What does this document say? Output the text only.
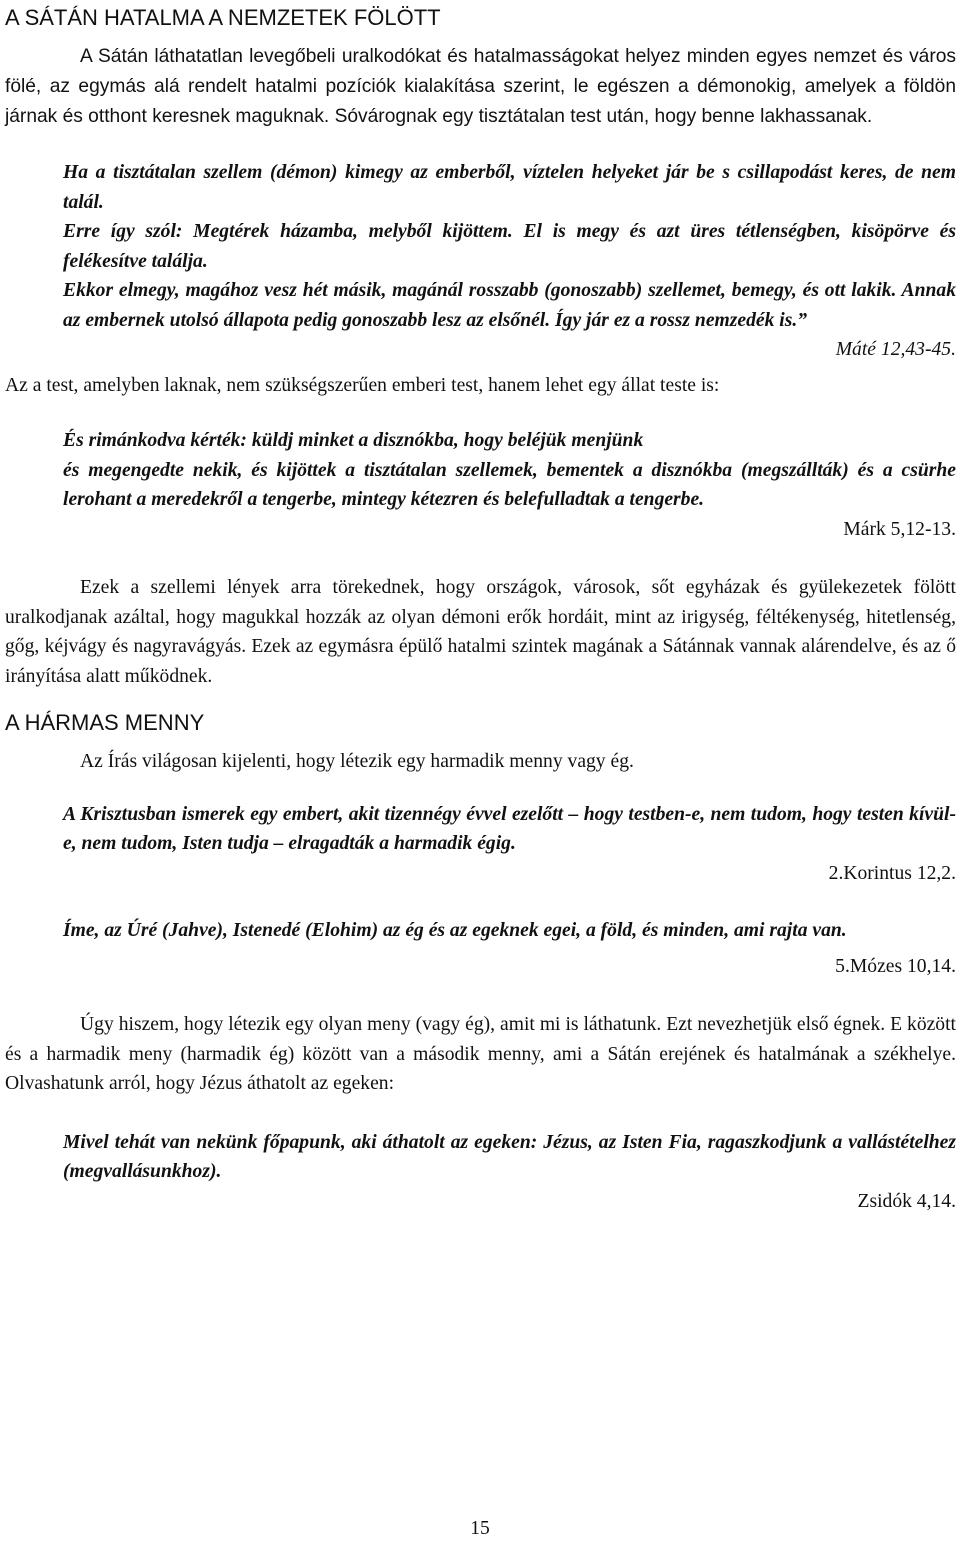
A SÁTÁN HATALMA A NEMZETEK FÖLÖTT

A Sátán láthatatlan levegőbeli uralkodókat és hatalmasságokat helyez minden egyes nemzet és város fölé, az egymás alá rendelt hatalmi pozíciók kialakítása szerint, le egészen a démonokig, amelyek a földön járnak és otthont keresnek maguknak. Sóvárognak egy tisztátalan test után, hogy benne lakhassanak.

Ha a tisztátalan szellem (démon) kimegy az emberből, víztelen helyeket jár be s csillapodást keres, de nem talál.

Erre így szól: Megtérek házamba, melyből kijöttem. El is megy és azt üres tétlenségben, kisöpörve és felékesítve találja.

Ekkor elmegy, magához vesz hét másik, magánál rosszabb (gonoszabb) szellemet, bemegy, és ott lakik. Annak az embernek utolsó állapota pedig gonoszabb lesz az elsőnél. Így jár ez a rossz nemzedék is.”

Máté 12,43-45.

Az a test, amelyben laknak, nem szükségszerűen emberi test, hanem lehet egy állat teste is:

És rimánkodva kérték: küldj minket a disznókba, hogy beléjük menjünk

és megengedte nekik, és kijöttek a tisztátalan szellemek, bementek a disznókba (megszállták) és a csürhe lerohant a meredekről a tengerbe, mintegy kétezren és belefulladtak a tengerbe.

Márk 5,12-13.

Ezek a szellemi lények arra törekednek, hogy országok, városok, sőt egyházak és gyülekezetek fölött uralkodjanak azáltal, hogy magukkal hozzák az olyan démoni erők hordáit, mint az irigység, féltékenység, hitetlenség, gőg, kéjvágy és nagyravágyás. Ezek az egymásra épülő hatalmi szintek magának a Sátánnak vannak alárendelve, és az ő irányítása alatt működnek.

A HÁRMAS MENNY

Az Írás világosan kijelenti, hogy létezik egy harmadik menny vagy ég.

A Krisztusban ismerek egy embert, akit tizennégy évvel ezelőtt – hogy testben-e, nem tudom, hogy testen kívül-e, nem tudom, Isten tudja – elragadták a harmadik égig.

2.Korintus 12,2.

Íme, az Úré (Jahve), Istenedé (Elohim) az ég és az egeknek egei, a föld, és minden, ami rajta van.

5.Mózes 10,14.

Úgy hiszem, hogy létezik egy olyan meny (vagy ég), amit mi is láthatunk. Ezt nevezhetjük első égnek. E között és a harmadik meny (harmadik ég) között van a második menny, ami a Sátán erejének és hatalmának a székhelye. Olvashatunk arról, hogy Jézus áthatolt az egeken:

Mivel tehát van nekünk főpapunk, aki áthatolt az egeken: Jézus, az Isten Fia, ragaszkodjunk a vallástételhez (megvallásunkhoz).

Zsidók 4,14.

15
